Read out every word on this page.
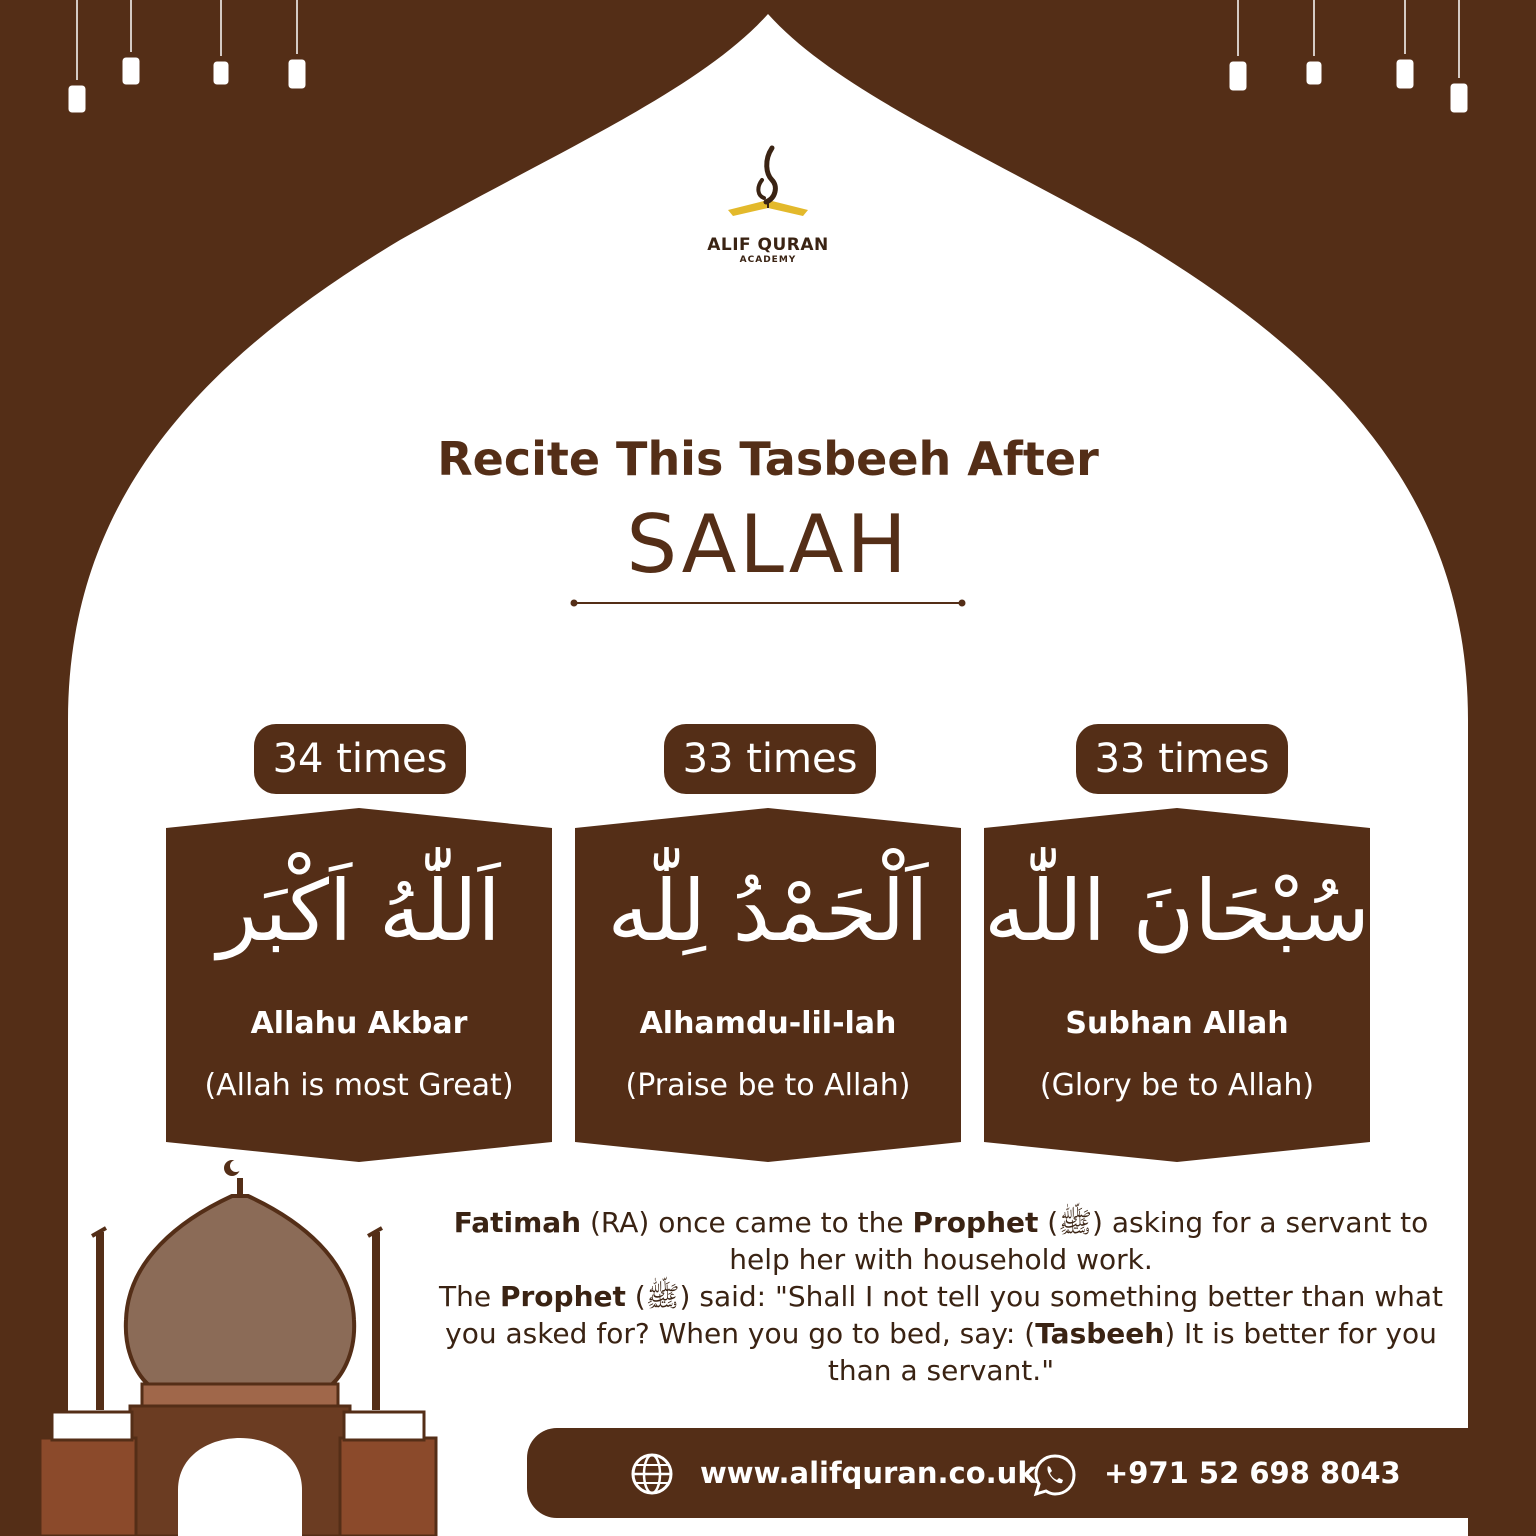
ALIF QURAN
ACADEMY
Recite This Tasbeeh After
SALAH
34 times	33 times	33 times
اَللّٰهُ اَكْبَر
Allahu Akbar
(Allah is most Great)
اَلْحَمْدُ لِلّٰه
Alhamdu-lil-lah
(Praise be to Allah)
سُبْحَانَ اللّٰه
Subhan Allah
(Glory be to Allah)
Fatimah (RA) once came to the Prophet (ﷺ) asking for a servant to help her with household work.
The Prophet (ﷺ) said: "Shall I not tell you something better than what you asked for? When you go to bed, say: (Tasbeeh) It is better for you than a servant."
www.alifquran.co.uk +971 52 698 8043
